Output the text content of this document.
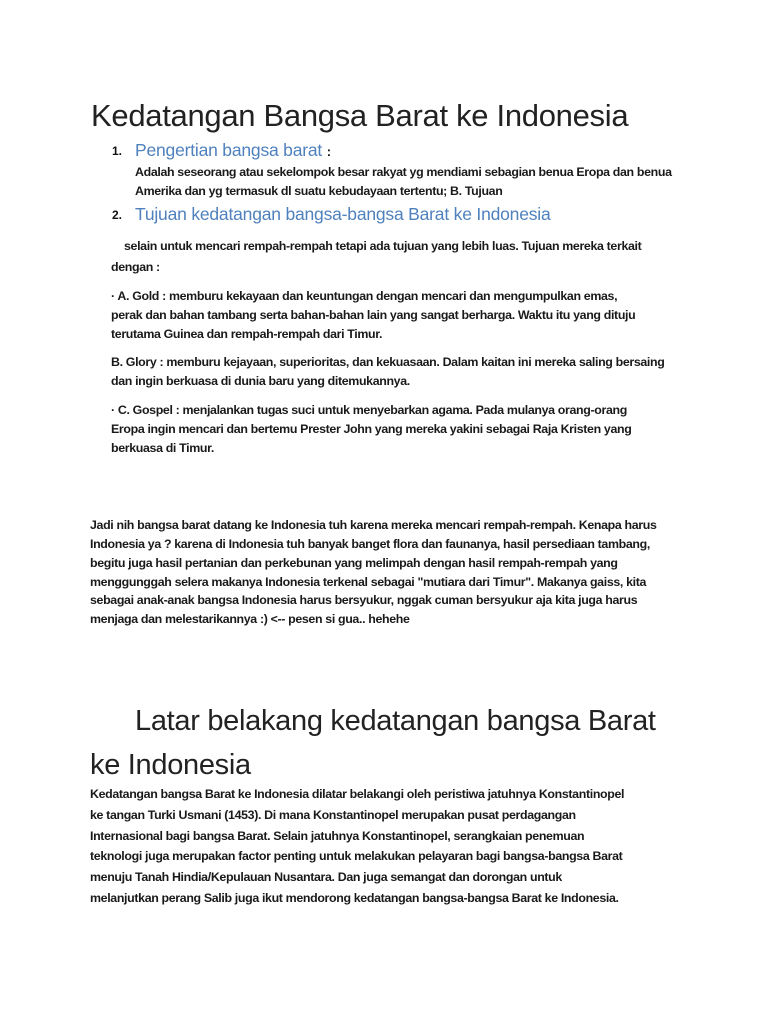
Kedatangan Bangsa Barat ke Indonesia
1. Pengertian bangsa barat :
Adalah seseorang atau sekelompok besar rakyat yg mendiami sebagian benua Eropa dan benua
Amerika dan yg termasuk dl suatu kebudayaan tertentu; B. Tujuan
2. Tujuan kedatangan bangsa-bangsa Barat ke Indonesia
selain untuk mencari rempah-rempah tetapi ada tujuan yang lebih luas. Tujuan mereka terkait
dengan :
· A. Gold : memburu kekayaan dan keuntungan dengan mencari dan mengumpulkan emas,
perak dan bahan tambang serta bahan-bahan lain yang sangat berharga. Waktu itu yang dituju
terutama Guinea dan rempah-rempah dari Timur.
B. Glory : memburu kejayaan, superioritas, dan kekuasaan. Dalam kaitan ini mereka saling bersaing
dan ingin berkuasa di dunia baru yang ditemukannya.
· C. Gospel : menjalankan tugas suci untuk menyebarkan agama. Pada mulanya orang-orang
Eropa ingin mencari dan bertemu Prester John yang mereka yakini sebagai Raja Kristen yang
berkuasa di Timur.
Jadi nih bangsa barat datang ke Indonesia tuh karena mereka mencari rempah-rempah. Kenapa harus
Indonesia ya ? karena di Indonesia tuh banyak banget flora dan faunanya, hasil persediaan tambang,
begitu juga hasil pertanian dan perkebunan yang melimpah dengan hasil rempah-rempah yang
menggunggah selera makanya Indonesia terkenal sebagai "mutiara dari Timur". Makanya gaiss, kita
sebagai anak-anak bangsa Indonesia harus bersyukur, nggak cuman bersyukur aja kita juga harus
menjaga dan melestarikannya :) <-- pesen si gua.. hehehe
Latar belakang kedatangan bangsa Barat
ke Indonesia
Kedatangan bangsa Barat ke Indonesia dilatar belakangi oleh peristiwa jatuhnya Konstantinopel
ke tangan Turki Usmani (1453). Di mana Konstantinopel merupakan pusat perdagangan
Internasional bagi bangsa Barat. Selain jatuhnya Konstantinopel, serangkaian penemuan
teknologi juga merupakan factor penting untuk melakukan pelayaran bagi bangsa-bangsa Barat
menuju Tanah Hindia/Kepulauan Nusantara. Dan juga semangat dan dorongan untuk
melanjutkan perang Salib juga ikut mendorong kedatangan bangsa-bangsa Barat ke Indonesia.
